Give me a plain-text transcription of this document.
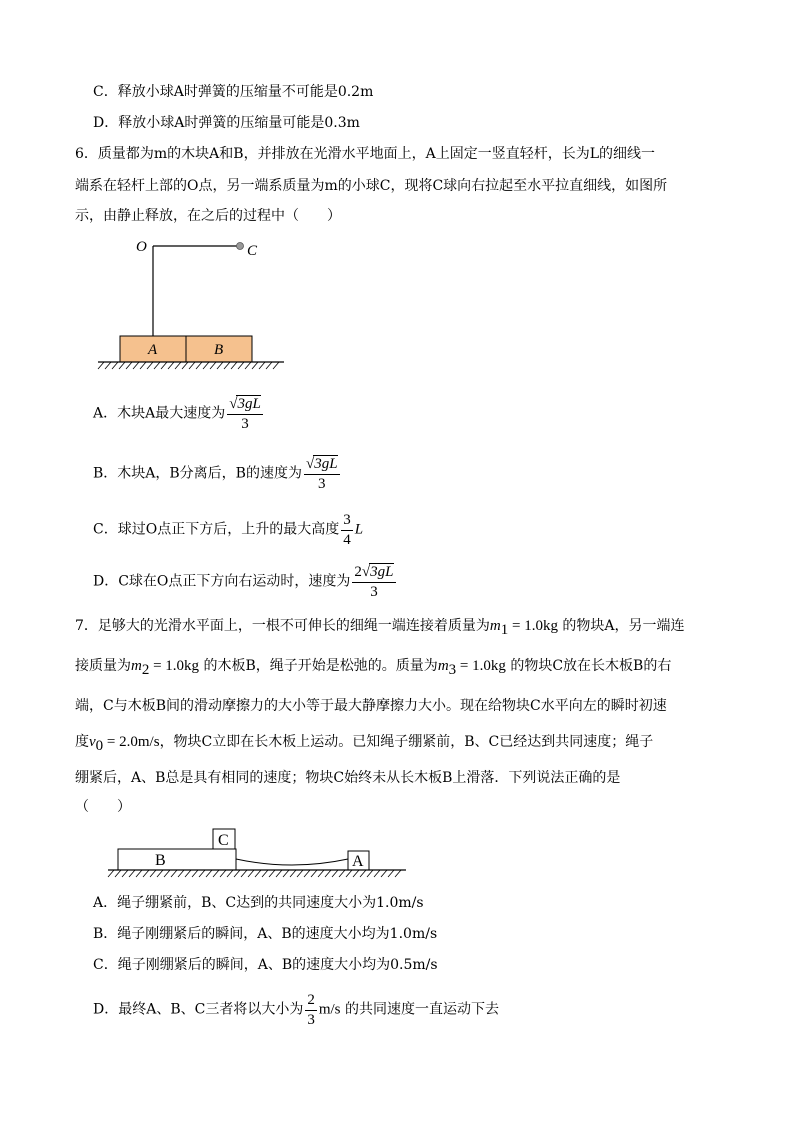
C．释放小球A时弹簧的压缩量不可能是0.2m
D．释放小球A时弹簧的压缩量可能是0.3m
6．质量都为m的木块A和B，并排放在光滑水平地面上，A上固定一竖直轻杆，长为L的细线一
端系在轻杆上部的O点，另一端系质量为m的小球C，现将C球向右拉起至水平拉直细线，如图所
示，由静止释放，在之后的过程中（　　）
O	C
A	B
A．木块A最大速度为 $\frac{√3gL}{3}$
B．木块A，B分离后，B的速度为 $\frac{√3gL}{3}$
C．球过O点正下方后，上升的最大高度 $\frac{3}{4}$ L
D．C球在O点正下方向右运动时，速度为 $\frac{2√3gL}{3}$
7．足够大的光滑水平面上，一根不可伸长的细绳一端连接着质量为$m_1 = 1.0kg$ 的物块A，另一端连
接质量为$m_2 = 1.0kg$ 的木板B，绳子开始是松弛的。质量为$m_3 = 1.0kg$ 的物块C放在长木板B的右
端，C与木板B间的滑动摩擦力的大小等于最大静摩擦力大小。现在给物块C水平向左的瞬时初速
度$v_0 = 2.0m/s$，物块C立即在长木板上运动。已知绳子绷紧前，B、C已经达到共同速度；绳子
绷紧后，A、B总是具有相同的速度；物块C始终未从长木板B上滑落．下列说法正确的是
（　　）
C
B	A
A．绳子绷紧前，B、C达到的共同速度大小为1.0m/s
B．绳子刚绷紧后的瞬间，A、B的速度大小均为1.0m/s
C．绳子刚绷紧后的瞬间，A、B的速度大小均为0.5m/s
D．最终A、B、C三者将以大小为 $\frac{2}{3} m/s$ 的共同速度一直运动下去
